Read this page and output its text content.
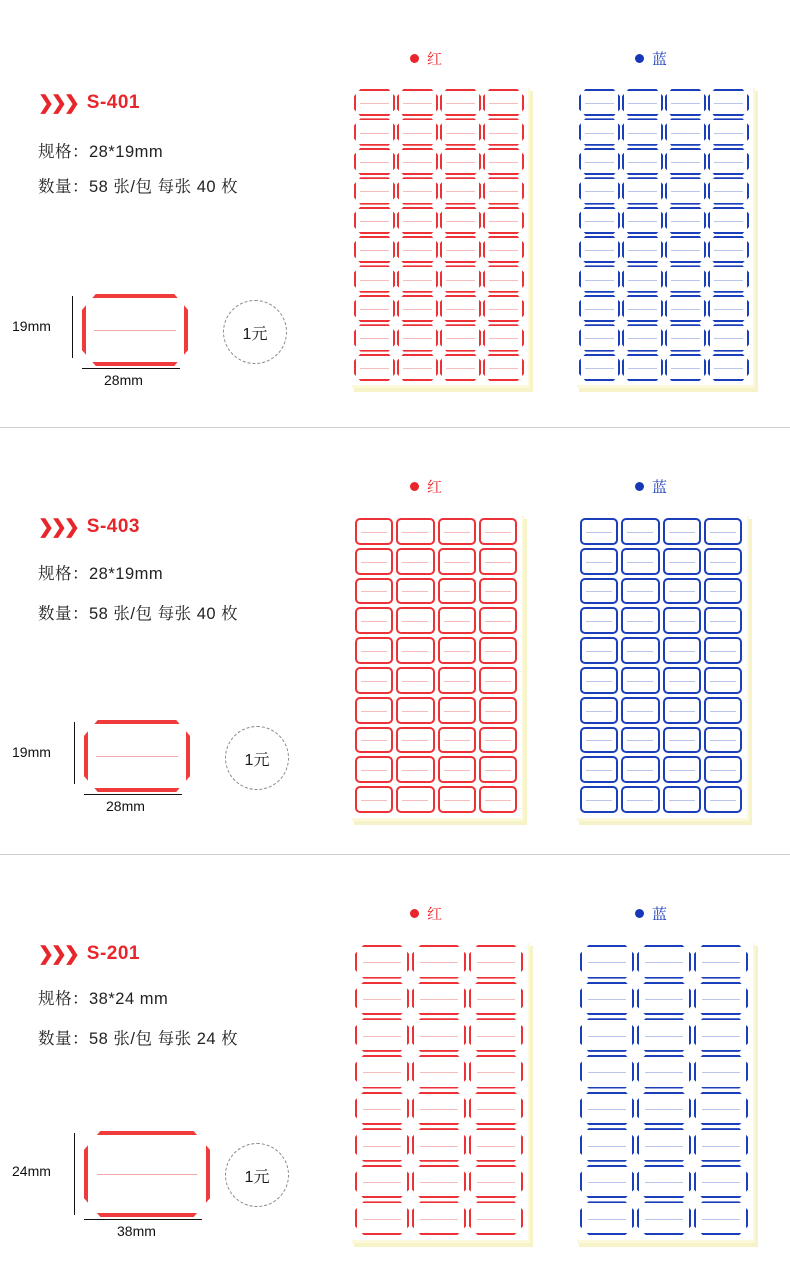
❯❯❯ S-401
规格：28*19mm
数量：58 张/包 每张 40 枚
19mm
28mm
1元
红	蓝
❯❯❯ S-403
规格：28*19mm
数量：58 张/包 每张 40 枚
19mm
28mm
1元
红	蓝
❯❯❯ S-201
规格：38*24 mm
数量：58 张/包 每张 24 枚
24mm
38mm
1元
红	蓝
